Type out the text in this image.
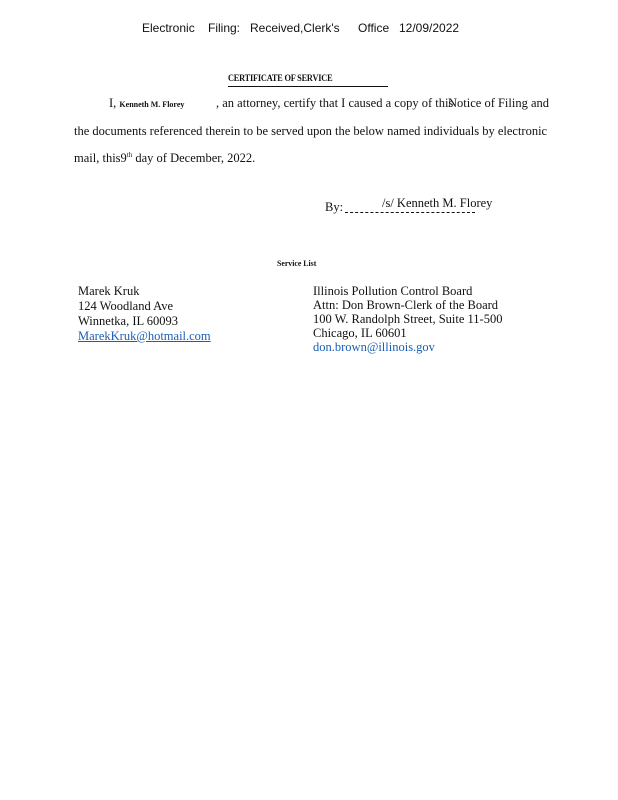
Electronic Filing: Received,Clerk's Office 12/09/2022
CERTIFICATE OF SERVICE
I, Kenneth M. Florey	, an attorney, certify that I caused a copy of this
Notice of Filing and
the documents referenced therein to be served upon the below named individuals by electronic
mail, this9th day of December, 2022.
By:	/s/ Kenneth M. Florey
Service List
Marek Kruk
124 Woodland Ave
Winnetka, IL 60093
MarekKruk@hotmail.com
Illinois Pollution Control Board
Attn: Don Brown-Clerk of the Board
100 W. Randolph Street, Suite 11-500
Chicago, IL 60601
don.brown@illinois.gov
